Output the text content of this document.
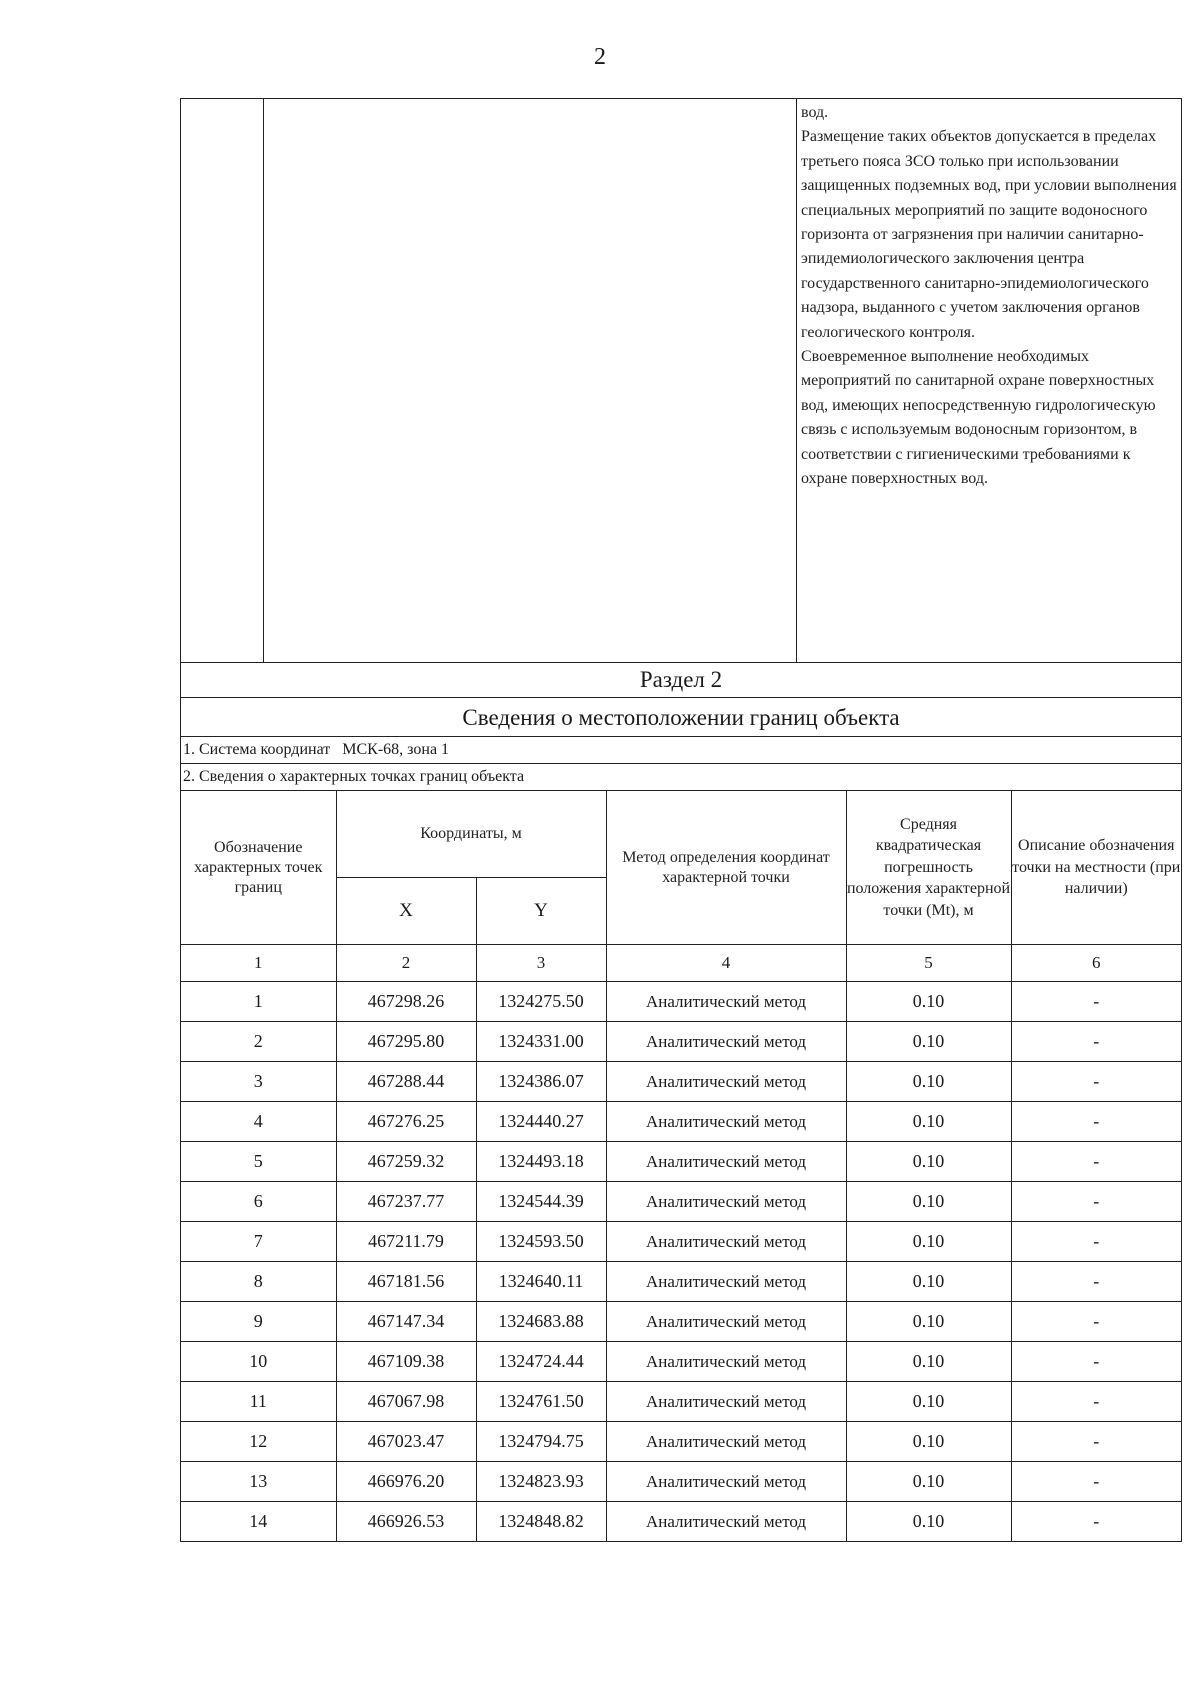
2

вод.

Размещение таких объектов допускается в пределах третьего пояса ЗСО только при использовании защищенных подземных вод, при условии выполнения специальных мероприятий по защите водоносного горизонта от загрязнения при наличии санитарно-эпидемиологического заключения центра государственного санитарно-эпидемиологического надзора, выданного с учетом заключения органов геологического контроля.

Своевременное выполнение необходимых мероприятий по санитарной охране поверхностных вод, имеющих непосредственную гидрологическую связь с используемым водоносным горизонтом, в соответствии с гигиеническими требованиями к охране поверхностных вод.

Раздел 2
Сведения о местоположении границ объекта
1. Система координат МСК-68, зона 1
2. Сведения о характерных точках границ объекта
Обозначение характерных точек границ	Координаты, м		Метод определения координат характерной точки	Средняя квадратическая погрешность положения характерной точки (Mt), м	Описание обозначения точки на местности (при наличии)
	X	Y			
1	2	3	4	5	6
1	467298.26	1324275.50	Аналитический метод	0.10	-
2	467295.80	1324331.00	Аналитический метод	0.10	-
3	467288.44	1324386.07	Аналитический метод	0.10	-
4	467276.25	1324440.27	Аналитический метод	0.10	-
5	467259.32	1324493.18	Аналитический метод	0.10	-
6	467237.77	1324544.39	Аналитический метод	0.10	-
7	467211.79	1324593.50	Аналитический метод	0.10	-
8	467181.56	1324640.11	Аналитический метод	0.10	-
9	467147.34	1324683.88	Аналитический метод	0.10	-
10	467109.38	1324724.44	Аналитический метод	0.10	-
11	467067.98	1324761.50	Аналитический метод	0.10	-
12	467023.47	1324794.75	Аналитический метод	0.10	-
13	466976.20	1324823.93	Аналитический метод	0.10	-
14	466926.53	1324848.82	Аналитический метод	0.10	-
